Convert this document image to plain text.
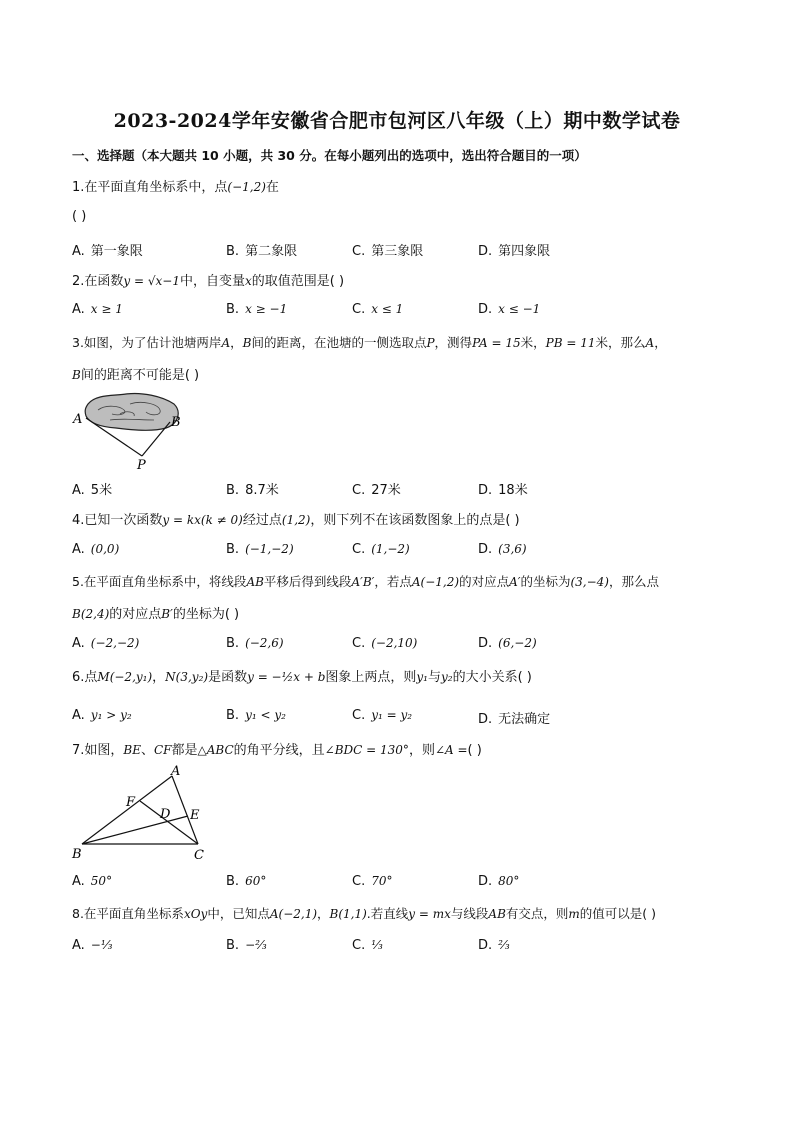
2023-2024学年安徽省合肥市包河区八年级（上）期中数学试卷
一、选择题（本大题共 10 小题，共 30 分。在每小题列出的选项中，选出符合题目的一项）
1.在平面直角坐标系中，点(−1,2)在
( )
A. 第一象限	B. 第二象限	C. 第三象限	D. 第四象限
2.在函数y = √x−1中，自变量x的取值范围是( )
A. x ≥ 1	B. x ≥ −1	C. x ≤ 1	D. x ≤ −1
3.如图，为了估计池塘两岸A，B间的距离，在池塘的一侧选取点P，测得PA = 15米，PB = 11米，那么A，
B间的距离不可能是( )
A	B
P
A. 5米	B. 8.7米	C. 27米	D. 18米
4.已知一次函数y = kx(k ≠ 0)经过点(1,2)，则下列不在该函数图象上的点是( )
A. (0,0)	B. (−1,−2)	C. (1,−2)	D. (3,6)
5.在平面直角坐标系中，将线段AB平移后得到线段A′B′，若点A(−1,2)的对应点A′的坐标为(3,−4)，那么点
B(2,4)的对应点B′的坐标为( )
A. (−2,−2)	B. (−2,6)	C. (−2,10)	D. (6,−2)
6.点M(−2,y₁)，N(3,y₂)是函数y = −½x + b图象上两点，则y₁与y₂的大小关系( )
A. y₁ > y₂	B. y₁ < y₂	C. y₁ = y₂	D. 无法确定
7.如图，BE、CF都是△ABC的角平分线，且∠BDC = 130°，则∠A =( )
A
B	C
D E
F
A. 50°	B. 60°	C. 70°	D. 80°
8.在平面直角坐标系xOy中，已知点A(−2,1)，B(1,1).若直线y = mx与线段AB有交点，则m的值可以是( )
A. −⅓	B. −⅔	C. ⅓	D. ⅔
